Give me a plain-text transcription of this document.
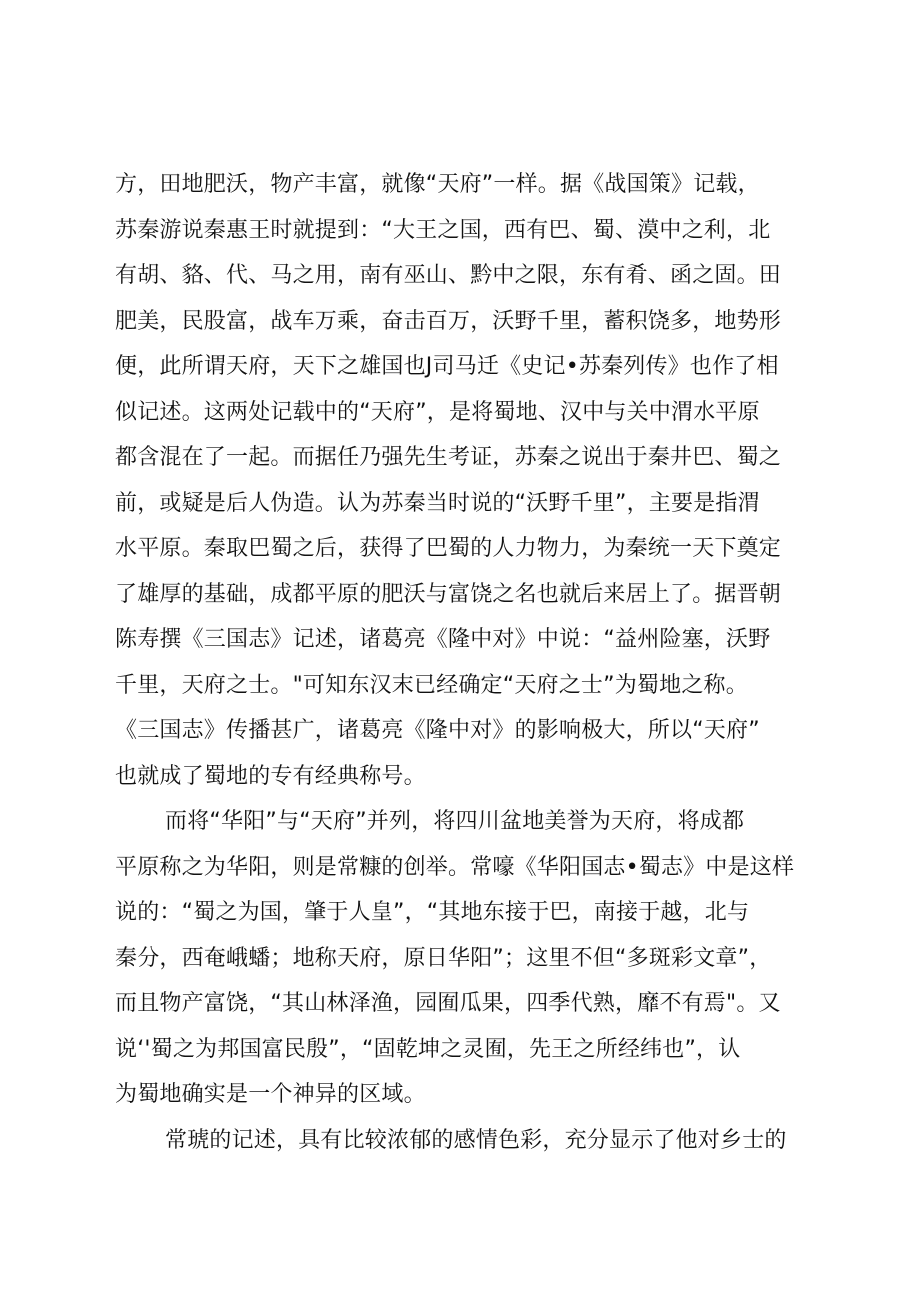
方，田地肥沃，物产丰富，就像“天府”一样。据《战国策》记载，
苏秦游说秦惠王时就提到：“大王之国，西有巴、蜀、漠中之利，北
有胡、貉、代、马之用，南有巫山、黔中之限，东有肴、函之固。田
肥美，民股富，战车万乘，奋击百万，沃野千里，蓄积饶多，地势形
便，此所谓天府，天下之雄国也J司马迁《史记•苏秦列传》也作了相
似记述。这两处记载中的“天府”，是将蜀地、汉中与关中渭水平原
都含混在了一起。而据任乃强先生考证，苏秦之说出于秦井巴、蜀之
前，或疑是后人伪造。认为苏秦当时说的“沃野千里”，主要是指渭
水平原。秦取巴蜀之后，获得了巴蜀的人力物力，为秦统一天下奠定
了雄厚的基础，成都平原的肥沃与富饶之名也就后来居上了。据晋朝
陈寿撰《三国志》记述，诸葛亮《隆中对》中说：“益州险塞，沃野
千里，天府之士。"可知东汉末已经确定“天府之士”为蜀地之称。
《三国志》传播甚广，诸葛亮《隆中对》的影响极大，所以“天府”
也就成了蜀地的专有经典称号。
而将“华阳”与“天府”并列，将四川盆地美誉为天府，将成都
平原称之为华阳，则是常糠的创举。常嚎《华阳国志•蜀志》中是这样
说的：“蜀之为国，肇于人皇”，“其地东接于巴，南接于越，北与
秦分，西奄峨蟠；地称天府，原日华阳”；这里不但“多斑彩文章”，
而且物产富饶，“其山林泽渔，园囿瓜果，四季代熟，靡不有焉"。又
说‘'蜀之为邦国富民殷”，“固乾坤之灵囿，先王之所经纬也”，认
为蜀地确实是一个神异的区域。
常琥的记述，具有比较浓郁的感情色彩，充分显示了他对乡士的
